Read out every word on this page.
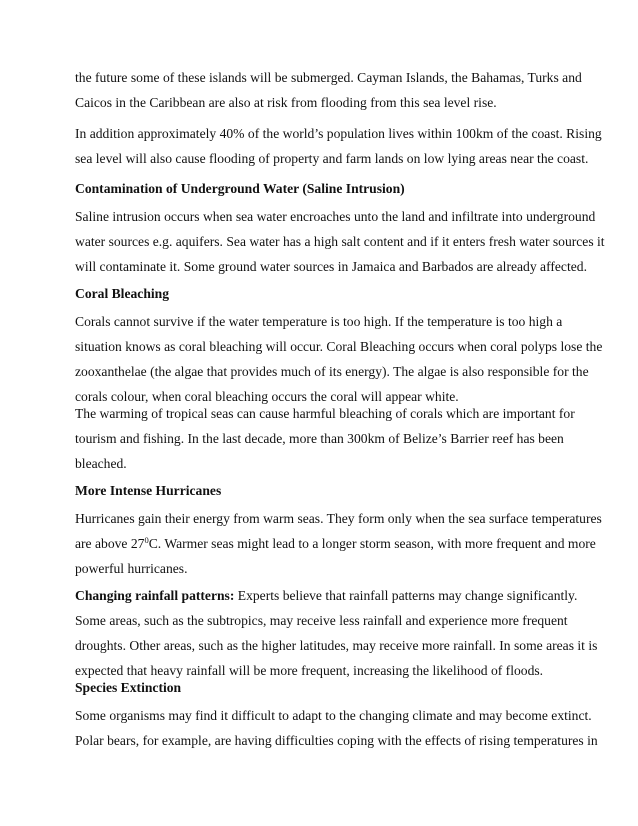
the future some of these islands will be submerged. Cayman Islands, the Bahamas, Turks and
Caicos in the Caribbean are also at risk from flooding from this sea level rise.
In addition approximately 40% of the world’s population lives within 100km of the coast. Rising
sea level will also cause flooding of property and farm lands on low lying areas near the coast.
Contamination of Underground Water (Saline Intrusion)
Saline intrusion occurs when sea water encroaches unto the land and infiltrate into underground
water sources e.g. aquifers. Sea water has a high salt content and if it enters fresh water sources it
will contaminate it. Some ground water sources in Jamaica and Barbados are already affected.
Coral Bleaching
Corals cannot survive if the water temperature is too high. If the temperature is too high a
situation knows as coral bleaching will occur. Coral Bleaching occurs when coral polyps lose the
zooxanthelae (the algae that provides much of its energy). The algae is also responsible for the
corals colour, when coral bleaching occurs the coral will appear white.
The warming of tropical seas can cause harmful bleaching of corals which are important for
tourism and fishing. In the last decade, more than 300km of Belize’s Barrier reef has been
bleached.
More Intense Hurricanes
Hurricanes gain their energy from warm seas. They form only when the sea surface temperatures
are above $27^0C$. Warmer seas might lead to a longer storm season, with more frequent and more
powerful hurricanes.
Changing rainfall patterns: Experts believe that rainfall patterns may change significantly.
Some areas, such as the subtropics, may receive less rainfall and experience more frequent
droughts. Other areas, such as the higher latitudes, may receive more rainfall. In some areas it is
expected that heavy rainfall will be more frequent, increasing the likelihood of floods.
Species Extinction
Some organisms may find it difficult to adapt to the changing climate and may become extinct.
Polar bears, for example, are having difficulties coping with the effects of rising temperatures in
